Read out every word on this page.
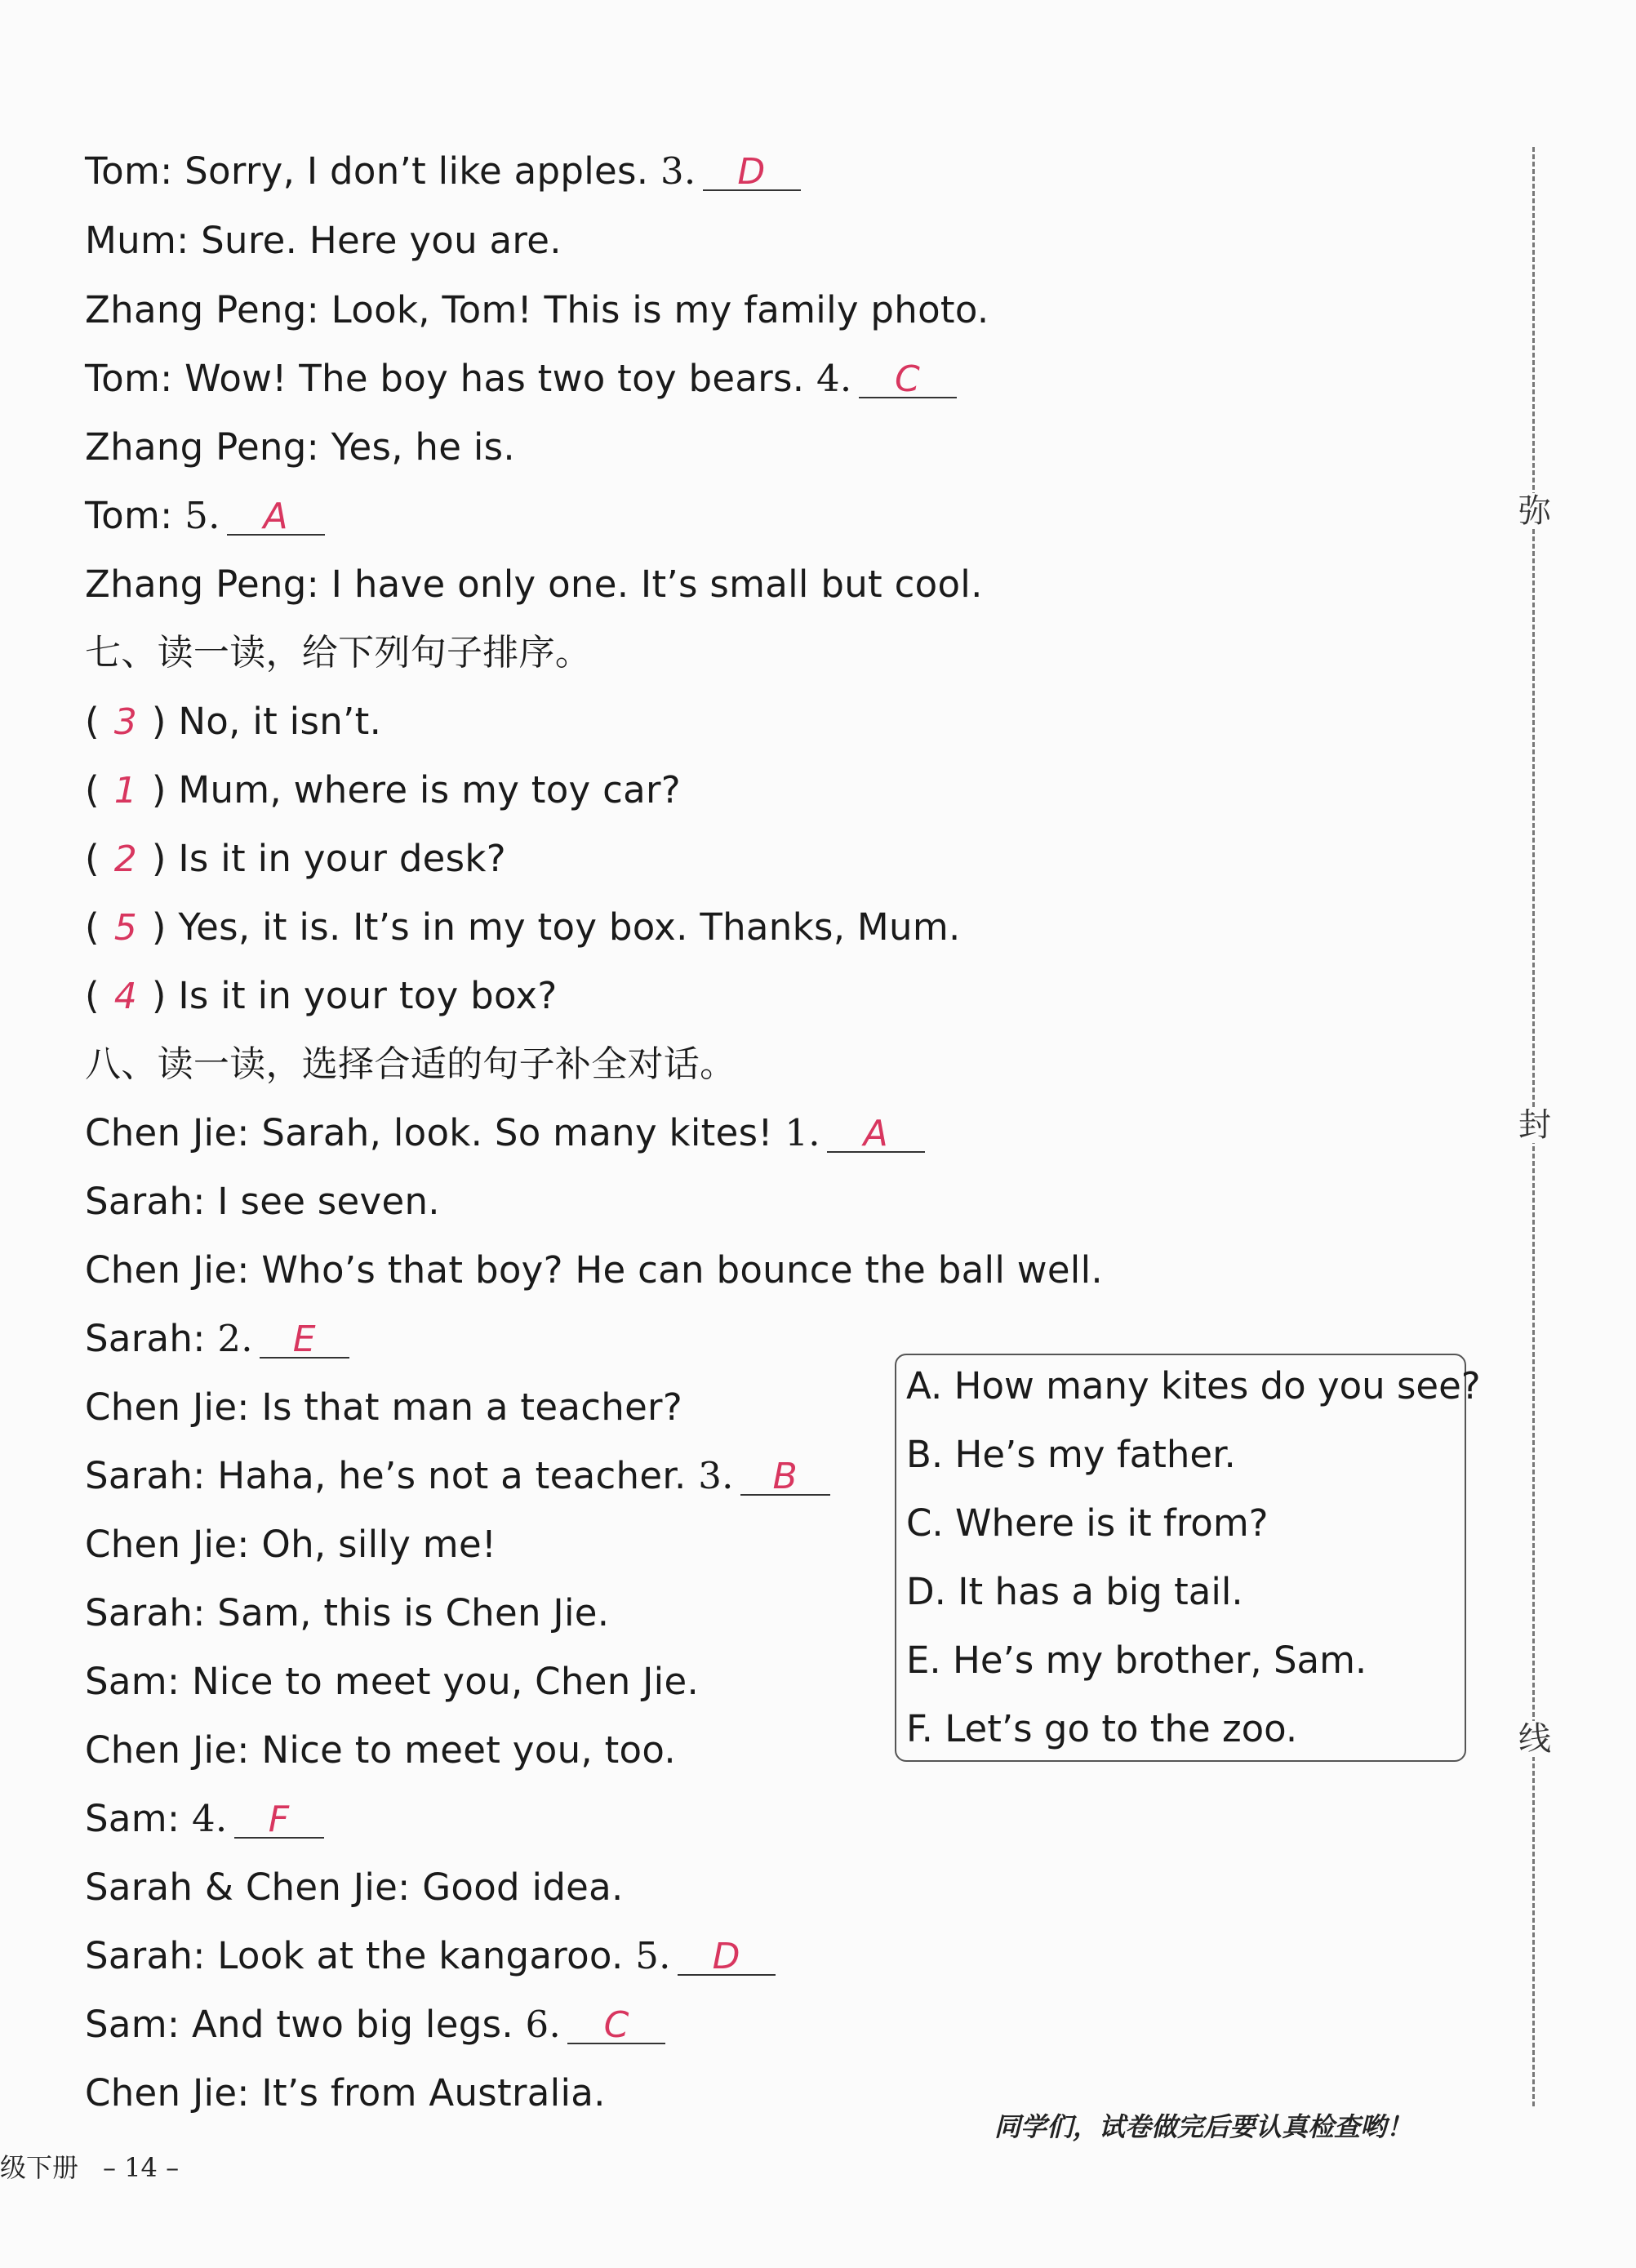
Tom: Sorry, I don’t like apples. 3. D
Mum: Sure. Here you are.
Zhang Peng: Look, Tom! This is my family photo.
Tom: Wow! The boy has two toy bears. 4. C
Zhang Peng: Yes, he is.
Tom: 5. A
Zhang Peng: I have only one. It’s small but cool.
七、读一读，给下列句子排序。
( 3 ) No, it isn’t.
( 1 ) Mum, where is my toy car?
( 2 ) Is it in your desk?
( 5 ) Yes, it is. It’s in my toy box. Thanks, Mum.
( 4 ) Is it in your toy box?
八、读一读，选择合适的句子补全对话。
Chen Jie: Sarah, look. So many kites! 1. A
Sarah: I see seven.
Chen Jie: Who’s that boy? He can bounce the ball well.
Sarah: 2. E
Chen Jie: Is that man a teacher?
Sarah: Haha, he’s not a teacher. 3. B
Chen Jie: Oh, silly me!
Sarah: Sam, this is Chen Jie.
Sam: Nice to meet you, Chen Jie.
Chen Jie: Nice to meet you, too.
Sam: 4. F
Sarah & Chen Jie: Good idea.
Sarah: Look at the kangaroo. 5. D
Sam: And two big legs. 6. C
Chen Jie: It’s from Australia.
A. How many kites do you see?
B. He’s my father.
C. Where is it from?
D. It has a big tail.
E. He’s my brother, Sam.
F. Let’s go to the zoo.
弥
封
线
同学们，试卷做完后要认真检查哟！
级下册 – 14 –
